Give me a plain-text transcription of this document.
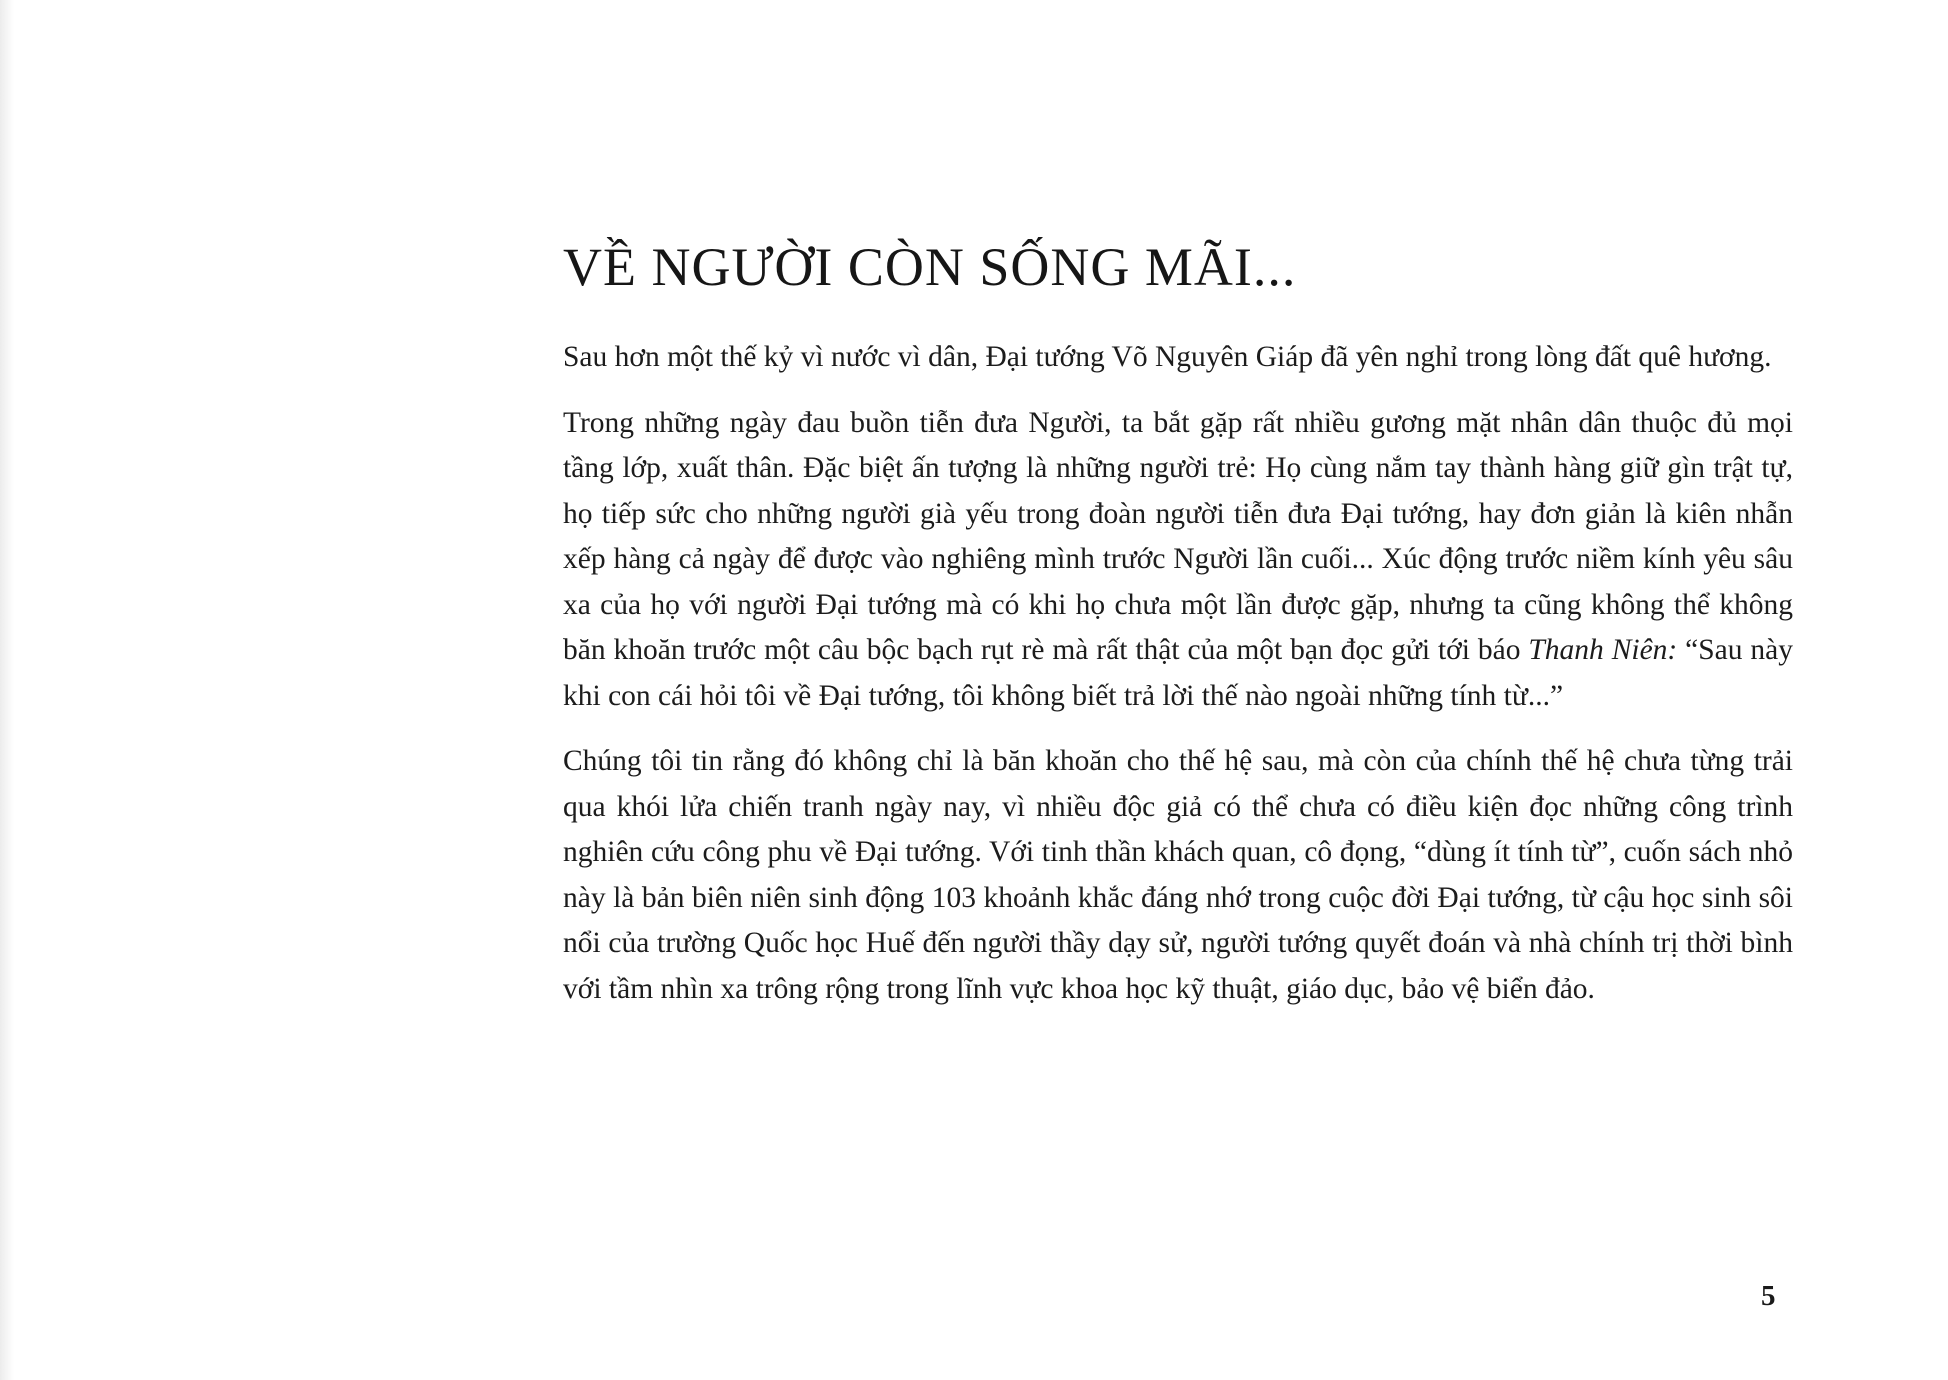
VỀ NGƯỜI CÒN SỐNG MÃI...

Sau hơn một thế kỷ vì nước vì dân, Đại tướng Võ Nguyên Giáp đã yên nghỉ trong lòng đất quê hương.

Trong những ngày đau buồn tiễn đưa Người, ta bắt gặp rất nhiều gương mặt nhân dân thuộc đủ mọi tầng lớp, xuất thân. Đặc biệt ấn tượng là những người trẻ: Họ cùng nắm tay thành hàng giữ gìn trật tự, họ tiếp sức cho những người già yếu trong đoàn người tiễn đưa Đại tướng, hay đơn giản là kiên nhẫn xếp hàng cả ngày để được vào nghiêng mình trước Người lần cuối... Xúc động trước niềm kính yêu sâu xa của họ với người Đại tướng mà có khi họ chưa một lần được gặp, nhưng ta cũng không thể không băn khoăn trước một câu bộc bạch rụt rè mà rất thật của một bạn đọc gửi tới báo Thanh Niên: “Sau này khi con cái hỏi tôi về Đại tướng, tôi không biết trả lời thế nào ngoài những tính từ...”

Chúng tôi tin rằng đó không chỉ là băn khoăn cho thế hệ sau, mà còn của chính thế hệ chưa từng trải qua khói lửa chiến tranh ngày nay, vì nhiều độc giả có thể chưa có điều kiện đọc những công trình nghiên cứu công phu về Đại tướng. Với tinh thần khách quan, cô đọng, “dùng ít tính từ”, cuốn sách nhỏ này là bản biên niên sinh động 103 khoảnh khắc đáng nhớ trong cuộc đời Đại tướng, từ cậu học sinh sôi nổi của trường Quốc học Huế đến người thầy dạy sử, người tướng quyết đoán và nhà chính trị thời bình với tầm nhìn xa trông rộng trong lĩnh vực khoa học kỹ thuật, giáo dục, bảo vệ biển đảo.

5
